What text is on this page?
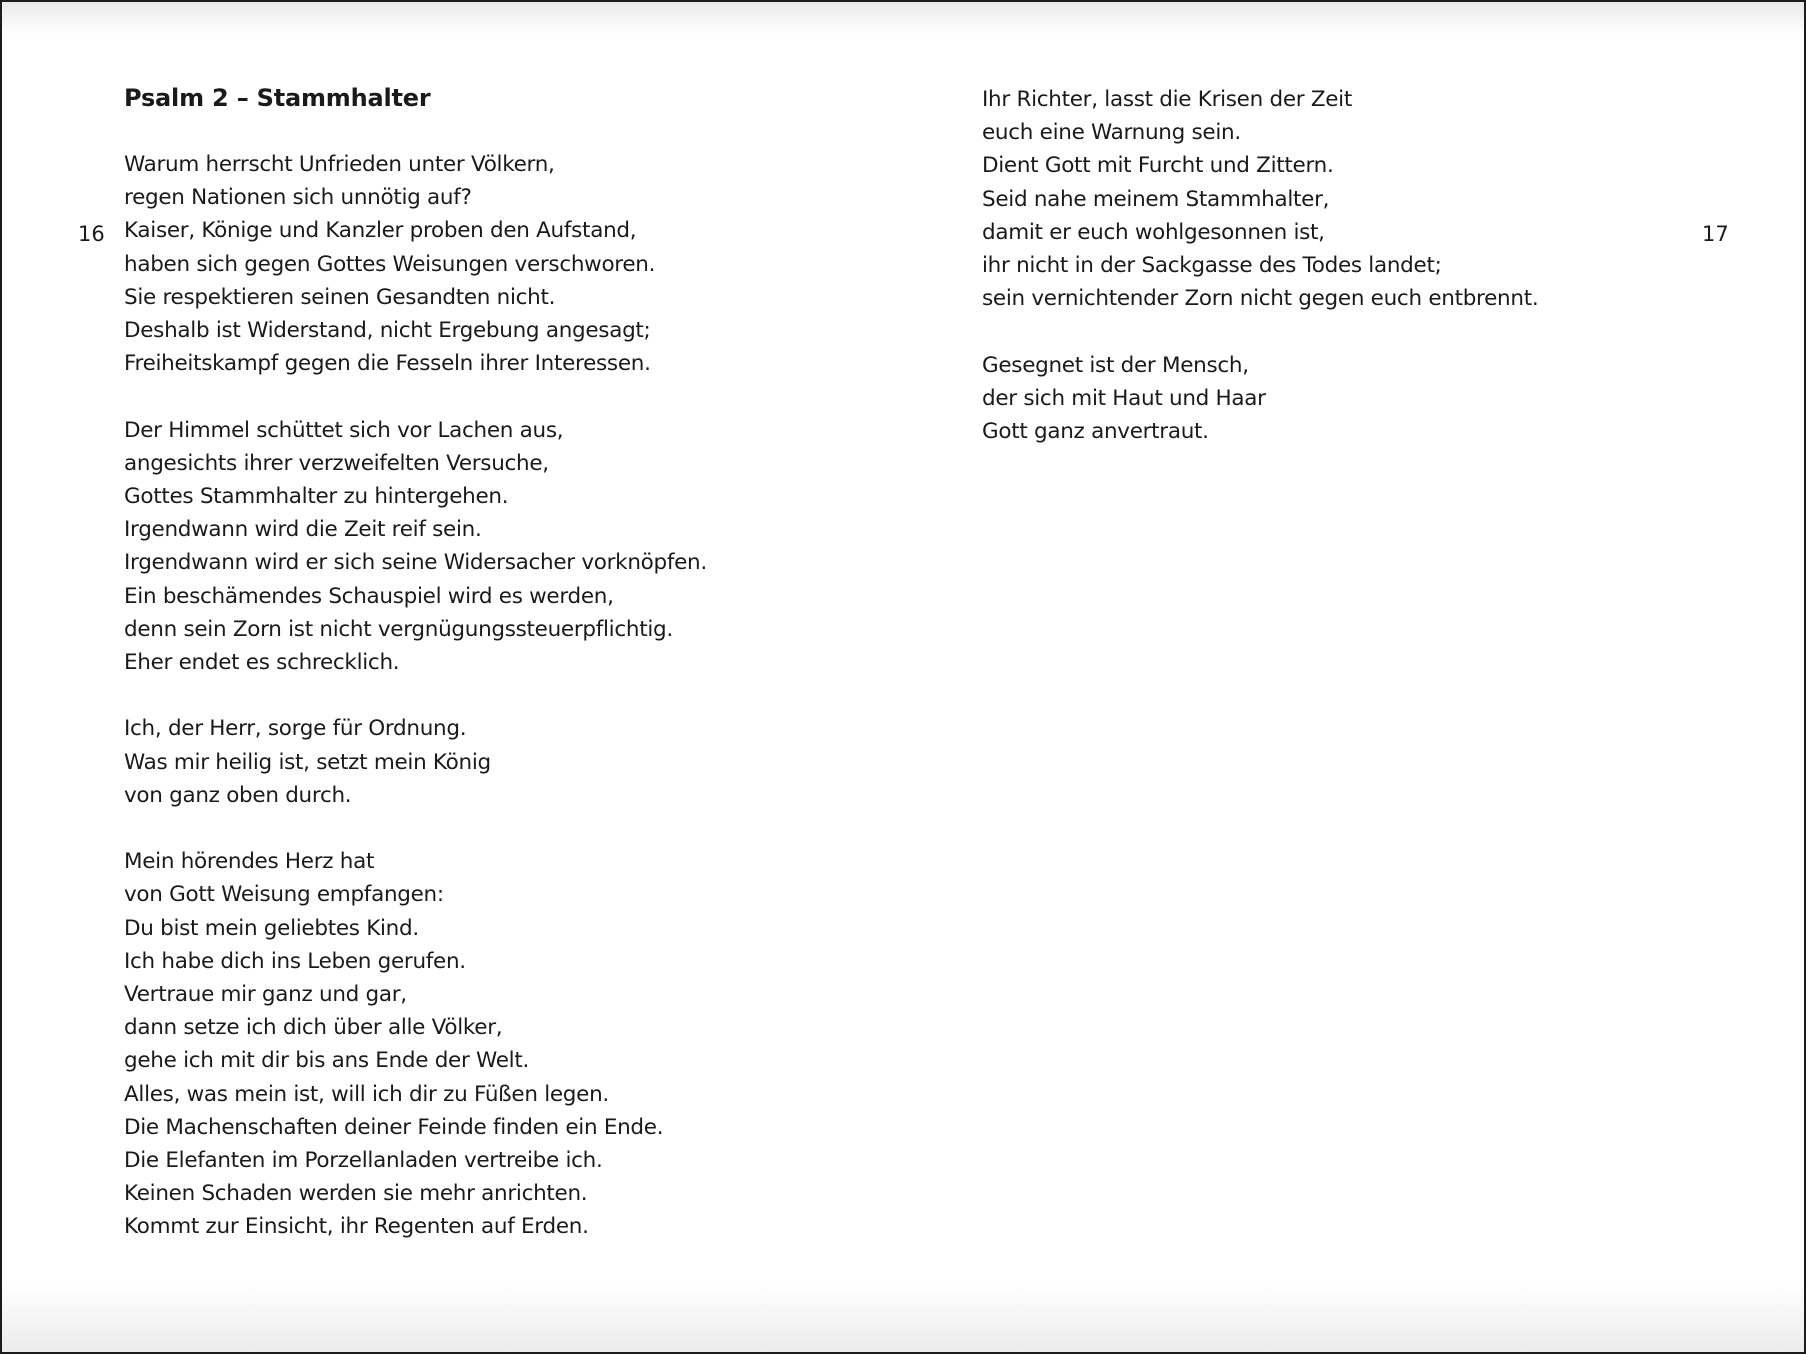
16
Psalm 2 – Stammhalter
Warum herrscht Unfrieden unter Völkern,
regen Nationen sich unnötig auf?
Kaiser, Könige und Kanzler proben den Aufstand,
haben sich gegen Gottes Weisungen verschworen.
Sie respektieren seinen Gesandten nicht.
Deshalb ist Widerstand, nicht Ergebung angesagt;
Freiheitskampf gegen die Fesseln ihrer Interessen.
Der Himmel schüttet sich vor Lachen aus,
angesichts ihrer verzweifelten Versuche,
Gottes Stammhalter zu hintergehen.
Irgendwann wird die Zeit reif sein.
Irgendwann wird er sich seine Widersacher vorknöpfen.
Ein beschämendes Schauspiel wird es werden,
denn sein Zorn ist nicht vergnügungssteuerpflichtig.
Eher endet es schrecklich.
Ich, der Herr, sorge für Ordnung.
Was mir heilig ist, setzt mein König
von ganz oben durch.
Mein hörendes Herz hat
von Gott Weisung empfangen:
Du bist mein geliebtes Kind.
Ich habe dich ins Leben gerufen.
Vertraue mir ganz und gar,
dann setze ich dich über alle Völker,
gehe ich mit dir bis ans Ende der Welt.
Alles, was mein ist, will ich dir zu Füßen legen.
Die Machenschaften deiner Feinde finden ein Ende.
Die Elefanten im Porzellanladen vertreibe ich.
Keinen Schaden werden sie mehr anrichten.
Kommt zur Einsicht, ihr Regenten auf Erden.
17
Ihr Richter, lasst die Krisen der Zeit
euch eine Warnung sein.
Dient Gott mit Furcht und Zittern.
Seid nahe meinem Stammhalter,
damit er euch wohlgesonnen ist,
ihr nicht in der Sackgasse des Todes landet;
sein vernichtender Zorn nicht gegen euch entbrennt.
Gesegnet ist der Mensch,
der sich mit Haut und Haar
Gott ganz anvertraut.
